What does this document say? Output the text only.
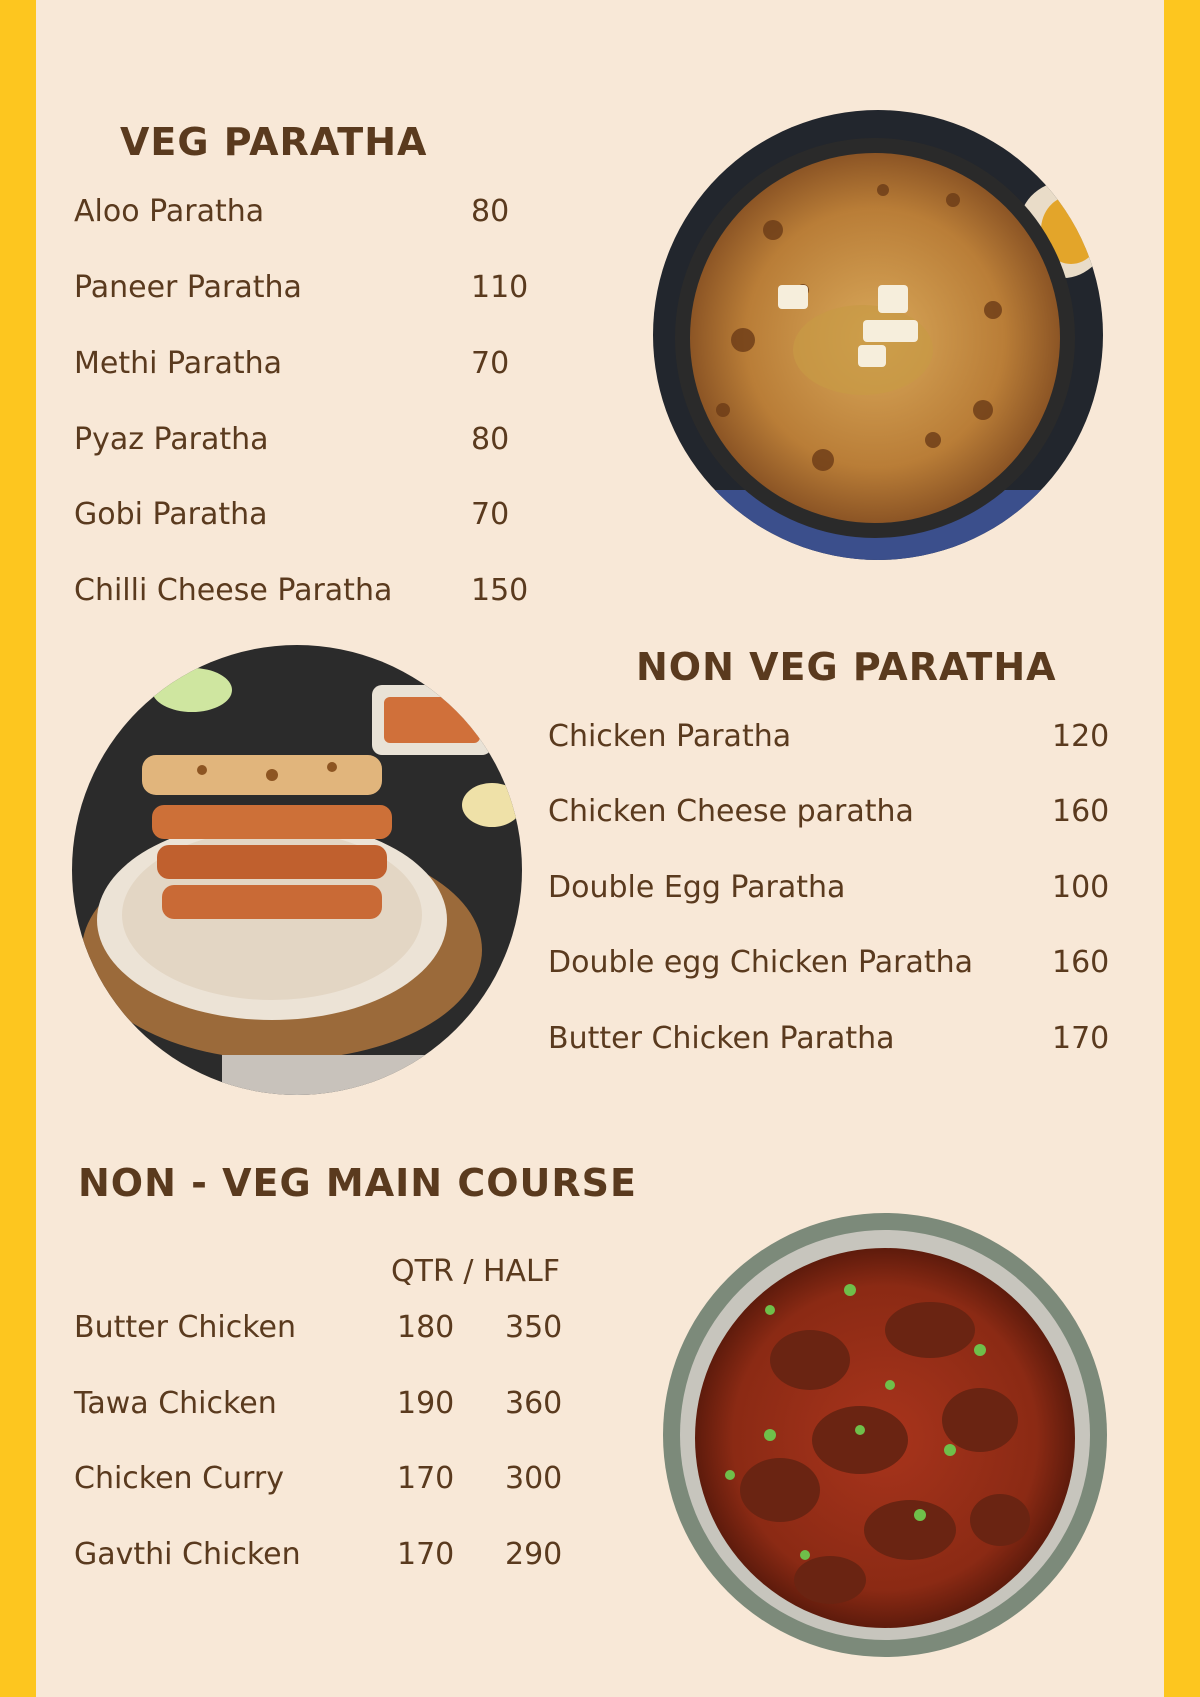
VEG PARATHA
Aloo Paratha	80
Paneer Paratha	110
Methi Paratha	70
Pyaz Paratha	80
Gobi Paratha	70
Chilli Cheese Paratha	150
NON VEG PARATHA
Chicken Paratha	120
Chicken Cheese paratha	160
Double Egg Paratha	100
Double egg Chicken Paratha	160
Butter Chicken Paratha	170
NON - VEG MAIN COURSE
QTR / HALF
Butter Chicken	180 350
Tawa Chicken	190 360
Chicken Curry	170 300
Gavthi Chicken	170 290
